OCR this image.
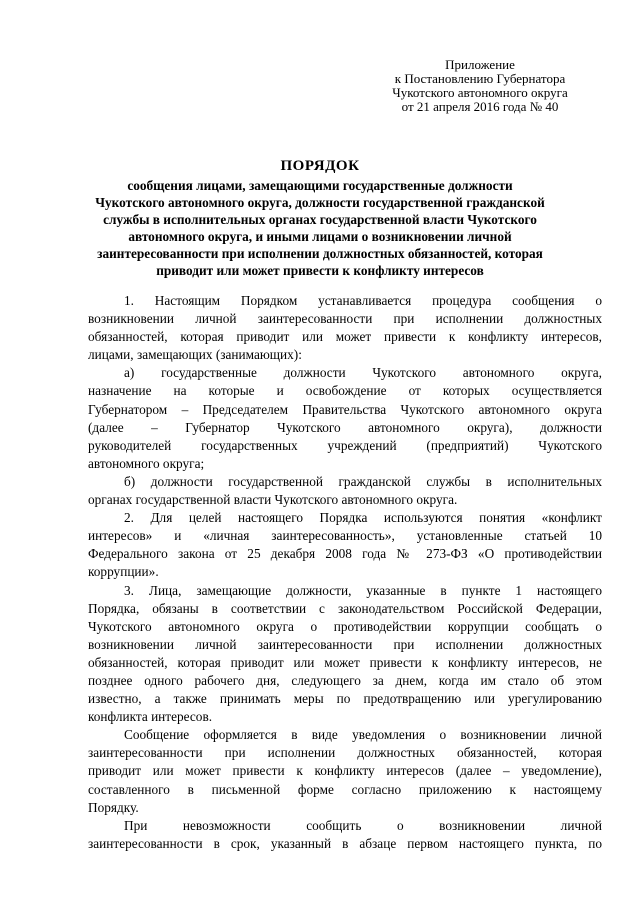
Приложение
к Постановлению Губернатора
Чукотского автономного округа
от 21 апреля 2016 года № 40
ПОРЯДОК
сообщения лицами, замещающими государственные должности
Чукотского автономного округа, должности государственной гражданской
службы в исполнительных органах государственной власти Чукотского
автономного округа, и иными лицами о возникновении личной
заинтересованности при исполнении должностных обязанностей, которая
приводит или может привести к конфликту интересов
1. Настоящим Порядком устанавливается процедура сообщения о
возникновении личной заинтересованности при исполнении должностных
обязанностей, которая приводит или может привести к конфликту интересов,
лицами, замещающих (занимающих):
а) государственные должности Чукотского автономного округа,
назначение на которые и освобождение от которых осуществляется
Губернатором – Председателем Правительства Чукотского автономного округа
(далее – Губернатор Чукотского автономного округа), должности
руководителей государственных учреждений (предприятий) Чукотского
автономного округа;
б) должности государственной гражданской службы в исполнительных
органах государственной власти Чукотского автономного округа.
2. Для целей настоящего Порядка используются понятия «конфликт
интересов» и «личная заинтересованность», установленные статьей 10
Федерального закона от 25 декабря 2008 года № 273-ФЗ «О противодействии
коррупции».
3. Лица, замещающие должности, указанные в пункте 1 настоящего
Порядка, обязаны в соответствии с законодательством Российской Федерации,
Чукотского автономного округа о противодействии коррупции сообщать о
возникновении личной заинтересованности при исполнении должностных
обязанностей, которая приводит или может привести к конфликту интересов, не
позднее одного рабочего дня, следующего за днем, когда им стало об этом
известно, а также принимать меры по предотвращению или урегулированию
конфликта интересов.
Сообщение оформляется в виде уведомления о возникновении личной
заинтересованности при исполнении должностных обязанностей, которая
приводит или может привести к конфликту интересов (далее – уведомление),
составленного в письменной форме согласно приложению к настоящему
Порядку.
При невозможности сообщить о возникновении личной
заинтересованности в срок, указанный в абзаце первом настоящего пункта, по
